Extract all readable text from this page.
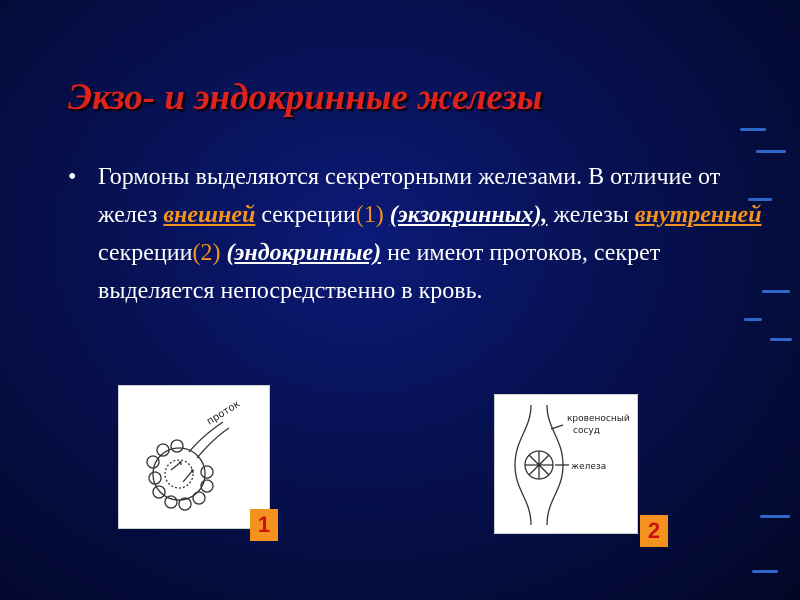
Экзо- и эндокринные железы
• Гормоны выделяются секреторными железами. В отличие от желез внешней секреции(1) (экзокринных), железы внутренней секреции(2) (эндокринные) не имеют протоков, секрет выделяется непосредственно в кровь.
проток
1
кровеносный
сосуд
железа
2
